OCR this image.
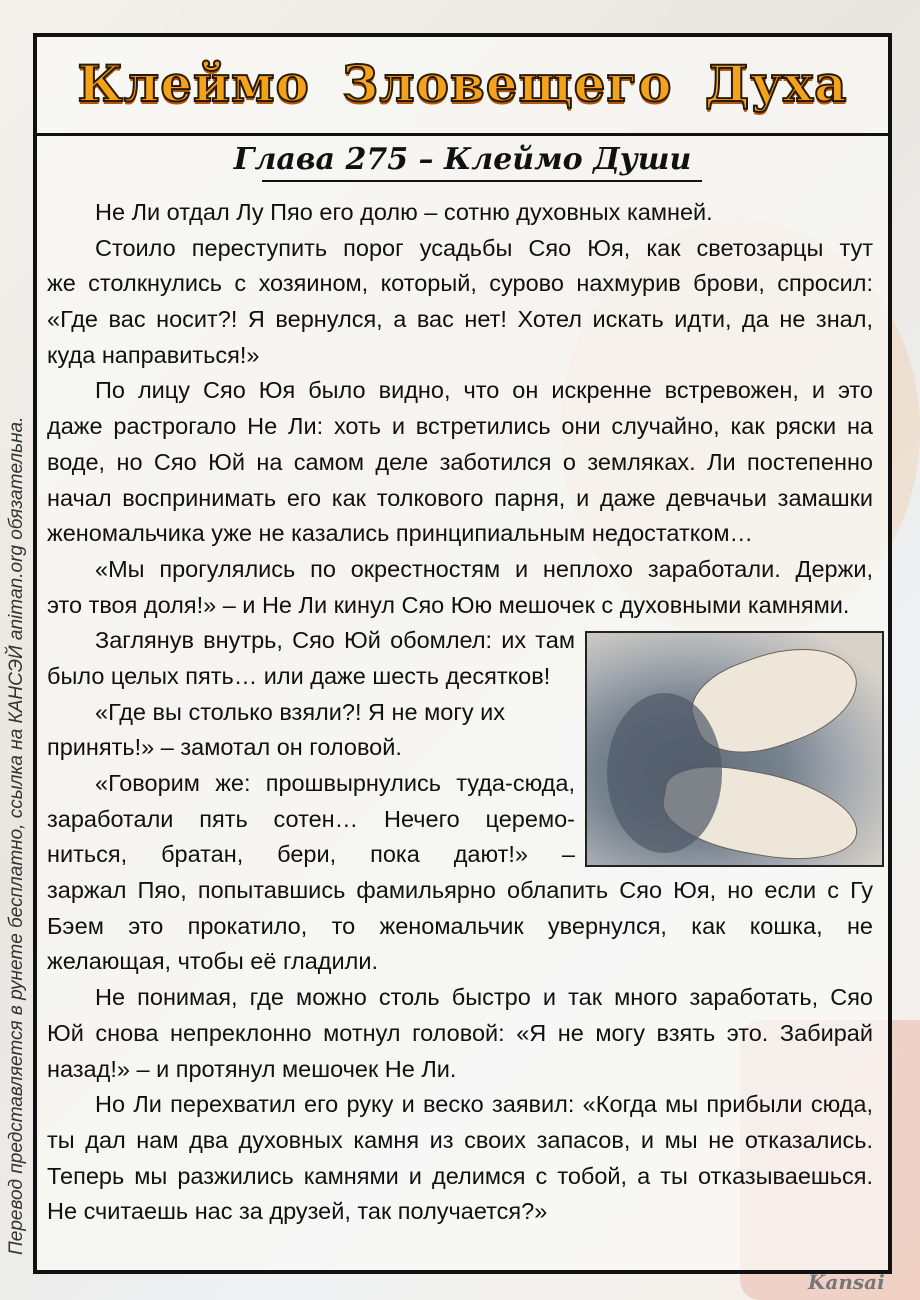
Клеймо Зловещего Духа
Глава 275 – Клеймо Души
Не Ли отдал Лу Пяо его долю – сотню духовных камней.
Стоило переступить порог усадьбы Сяо Юя, как светозарцы тут
же столкнулись с хозяином, который, сурово нахмурив брови, спросил:
«Где вас носит?! Я вернулся, а вас нет! Хотел искать идти, да не знал,
куда направиться!»
По лицу Сяо Юя было видно, что он искренне встревожен, и это
даже растрогало Не Ли: хоть и встретились они случайно, как ряски на
воде, но Сяо Юй на самом деле заботился о земляках. Ли постепенно
начал воспринимать его как толкового парня, и даже девчачьи замашки
женомальчика уже не казались принципиальным недостатком…
«Мы прогулялись по окрестностям и неплохо заработали. Держи,
это твоя доля!» – и Не Ли кинул Сяо Юю мешочек с духовными камнями.
Заглянув внутрь, Сяо Юй обомлел: их там
было целых пять… или даже шесть десятков!
«Где вы столько взяли?! Я не могу их
принять!» – замотал он головой.
«Говорим же: прошвырнулись туда-сюда,
заработали пять сотен… Нечего церемо-
ниться, братан, бери, пока дают!» –
заржал Пяо, попытавшись фамильярно облапить Сяо Юя, но если с Гу
Бэем это прокатило, то женомальчик увернулся, как кошка, не
желающая, чтобы её гладили.
Не понимая, где можно столь быстро и так много заработать, Сяо
Юй снова непреклонно мотнул головой: «Я не могу взять это. Забирай
назад!» – и протянул мешочек Не Ли.
Но Ли перехватил его руку и веско заявил: «Когда мы прибыли сюда,
ты дал нам два духовных камня из своих запасов, и мы не отказались.
Теперь мы разжились камнями и делимся с тобой, а ты отказываешься.
Не считаешь нас за друзей, так получается?»
Перевод представляется в рунете бесплатно, ссылка на КАНСЭЙ animan.org обязательна.
Kansai
